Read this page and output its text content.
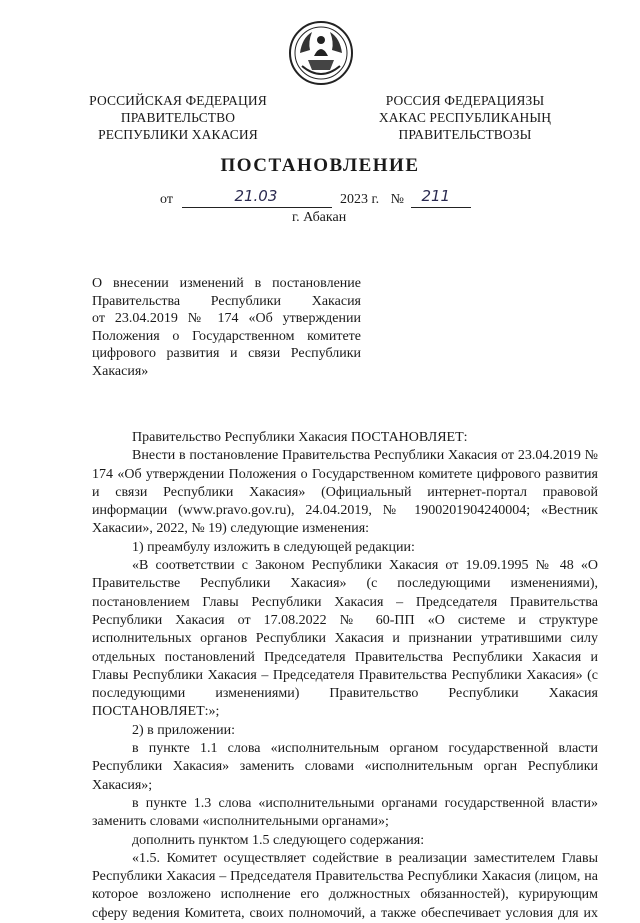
РОССИЙСКАЯ ФЕДЕРАЦИЯ
ПРАВИТЕЛЬСТВО
РЕСПУБЛИКИ ХАКАСИЯ
РОССИЯ ФЕДЕРАЦИЯЗЫ
ХАКАС РЕСПУБЛИКАНЫҢ
ПРАВИТЕЛЬСТВОЗЫ
ПОСТАНОВЛЕНИЕ
от	21.03	2023 г. № 211
г. Абакан
О внесении изменений в постановление
Правительства Республики Хакасия
от 23.04.2019 № 174 «Об утверждении
Положения о Государственном комитете
цифрового развития и связи Республики
Хакасия»

Правительство Республики Хакасия ПОСТАНОВЛЯЕТ:

Внести в постановление Правительства Республики Хакасия от 23.04.2019 № 174 «Об утверждении Положения о Государственном комитете цифрового развития и связи Республики Хакасия» (Официальный интернет-портал правовой информации (www.pravo.gov.ru), 24.04.2019, № 1900201904240004; «Вестник Хакасии», 2022, № 19) следующие изменения:

1) преамбулу изложить в следующей редакции:

«В соответствии с Законом Республики Хакасия от 19.09.1995 № 48 «О Правительстве Республики Хакасия» (с последующими изменениями), постановлением Главы Республики Хакасия – Председателя Правительства Республики Хакасия от 17.08.2022 № 60-ПП «О системе и структуре исполнительных органов Республики Хакасия и признании утратившими силу отдельных постановлений Председателя Правительства Республики Хакасия и Главы Республики Хакасия – Председателя Правительства Республики Хакасия» (с последующими изменениями) Правительство Республики Хакасия ПОСТАНОВЛЯЕТ:»;

2) в приложении:

в пункте 1.1 слова «исполнительным органом государственной власти Республики Хакасия» заменить словами «исполнительным орган Республики Хакасия»;

в пункте 1.3 слова «исполнительными органами государственной власти» заменить словами «исполнительными органами»;

дополнить пунктом 1.5 следующего содержания:

«1.5. Комитет осуществляет содействие в реализации заместителем Главы Республики Хакасия – Председателя Правительства Республики Хакасия (лицом, на которое возложено исполнение его должностных обязанностей), курирующим сферу ведения Комитета, своих полномочий, а также обеспечивает условия для их
